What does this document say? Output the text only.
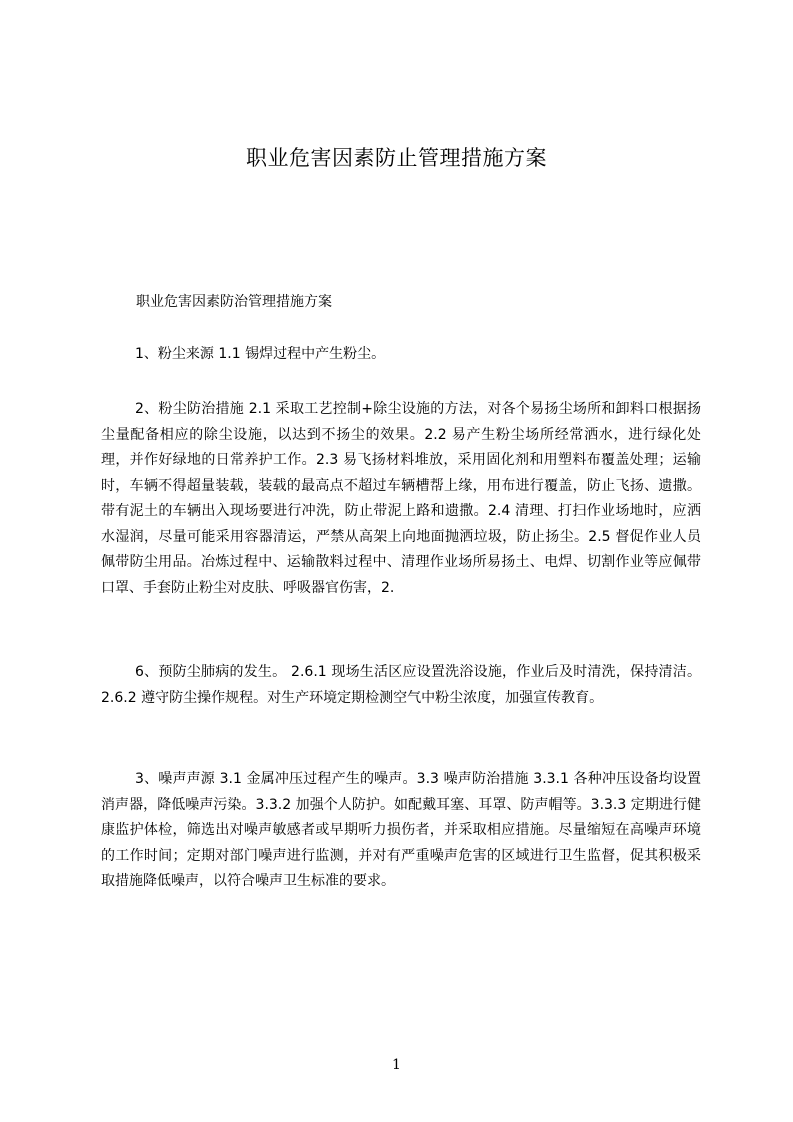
职业危害因素防止管理措施方案

职业危害因素防治管理措施方案

1、粉尘来源 1.1 锡焊过程中产生粉尘。

2、粉尘防治措施 2.1 采取工艺控制+除尘设施的方法，对各个易扬尘场所和卸料口根据扬尘量配备相应的除尘设施，以达到不扬尘的效果。2.2 易产生粉尘场所经常洒水，进行绿化处理，并作好绿地的日常养护工作。2.3 易飞扬材料堆放，采用固化剂和用塑料布覆盖处理；运输时，车辆不得超量装载，装载的最高点不超过车辆槽帮上缘，用布进行覆盖，防止飞扬、遗撒。带有泥土的车辆出入现场要进行冲洗，防止带泥上路和遗撒。2.4 清理、打扫作业场地时，应洒水湿润，尽量可能采用容器清运，严禁从高架上向地面抛洒垃圾，防止扬尘。2.5 督促作业人员佩带防尘用品。冶炼过程中、运输散料过程中、清理作业场所易扬土、电焊、切割作业等应佩带口罩、手套防止粉尘对皮肤、呼吸器官伤害，2.

6、预防尘肺病的发生。 2.6.1 现场生活区应设置洗浴设施，作业后及时清洗，保持清洁。2.6.2 遵守防尘操作规程。对生产环境定期检测空气中粉尘浓度，加强宣传教育。

3、噪声声源 3.1 金属冲压过程产生的噪声。3.3 噪声防治措施 3.3.1 各种冲压设备均设置消声器，降低噪声污染。3.3.2 加强个人防护。如配戴耳塞、耳罩、防声帽等。3.3.3 定期进行健康监护体检，筛选出对噪声敏感者或早期听力损伤者，并采取相应措施。尽量缩短在高噪声环境的工作时间；定期对部门噪声进行监测，并对有严重噪声危害的区域进行卫生监督，促其积极采取措施降低噪声，以符合噪声卫生标准的要求。

1
